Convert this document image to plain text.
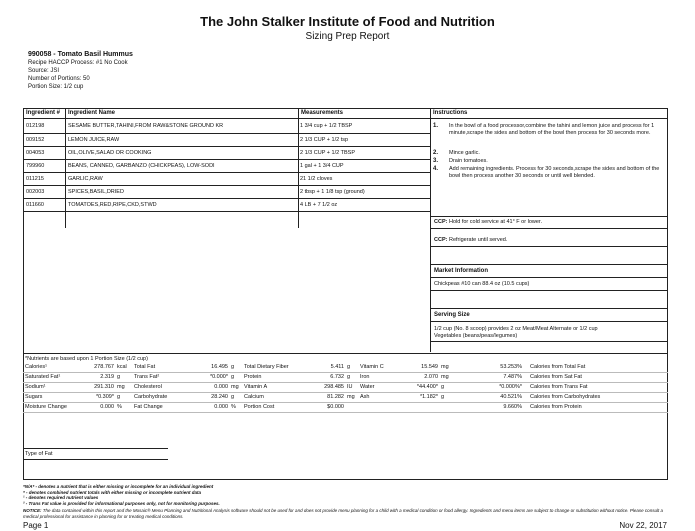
The John Stalker Institute of Food and Nutrition
Sizing Prep Report
990058 - Tomato Basil Hummus
Recipe HACCP Process: #1 No Cook
Source: JSI
Number of Portions: 50
Portion Size: 1/2 cup
Ingredient # Ingredient Name	Measurements	Instructions
012198	SESAME BUTTER,TAHINI,FROM RAW&STONE GROUND KR	1 3/4 cup + 1/2 TBSP
009152	LEMON JUICE,RAW	2 1/3 CUP + 1/2 tsp
004053	OIL,OLIVE,SALAD OR COOKING	2 1/3 CUP + 1/2 TBSP
799960	BEANS, CANNED, GARBANZO (CHICKPEAS), LOW-SODI	1 gal + 1 3/4 CUP
011215	GARLIC,RAW	21 1/2 cloves
002003	SPICES,BASIL,DRIED	2 tbsp + 1 1/8 tsp (ground)
011660	TOMATOES,RED,RIPE,CKD,STWD	4 LB + 7 1/2 oz
1.	In the bowl of a food processor,combine the tahini and lemon juice and process for 1 minute,scrape the sides and bottom of the bowl then process for 30 seconds more.
2.	Mince garlic.
3.	Drain tomatoes.
4.	Add remaining ingredients. Process for 30 seconds,scrape the sides and bottom of the bowl then process another 30 seconds or until well blended.
CCP: Hold for cold service at 41° F or lower.
CCP: Refrigerate until served.
Market Information
Chickpeas #10 can 88.4 oz (10.5 cups)
Serving Size
1/2 cup (No. 8 scoop) provides 2 oz Meat/Meat Alternate or 1/2 cup
Vegetables (beans/peas/legumes)
*Nutrients are based upon 1 Portion Size (1/2 cup)
Calories¹	278.767 kcal	Total Fat	16.495 g	Total Dietary Fiber	5.411 g	Vitamin C	15.549 mg	53.253% Calories from Total Fat
Saturated Fat¹	2.319 g	Trans Fat²	*0.000* g	Protein	6.732 g	Iron	2.070 mg	7.487% Calories from Sat Fat
Sodium¹	291.310 mg	Cholesterol	0.000 mg Vitamin A	298.485 IU	Water	*44.400* g	*0.000%* Calories from Trans Fat
Sugars	*0.309* g	Carbohydrate	28.240 g	Calcium	81.282 mg Ash	*1.182* g	40.521% Calories from Carbohydrates
Moisture Change	0.000 %	Fat Change	0.000 %	Portion Cost	$0.000	9.660% Calories from Protein
Type of Fat
*N/A* - denotes a nutrient that is either missing or incomplete for an individual ingredient
* - denotes combined nutrient totals with either missing or incomplete nutrient data
¹ - denotes required nutrient values
² - Trans Fat value is provided for informational purposes only, not for monitoring purposes.
NOTICE: The data contained within this report and the Mosaic® Menu Planning and Nutritional Analysis software should not be used for and does not provide menu planning for a child with a medical condition or food allergy. Ingredients and menu items are subject to change or substitution without notice. Please consult a medical professional for assistance in planning for or treating medical conditions.
Page 1	Nov 22, 2017
